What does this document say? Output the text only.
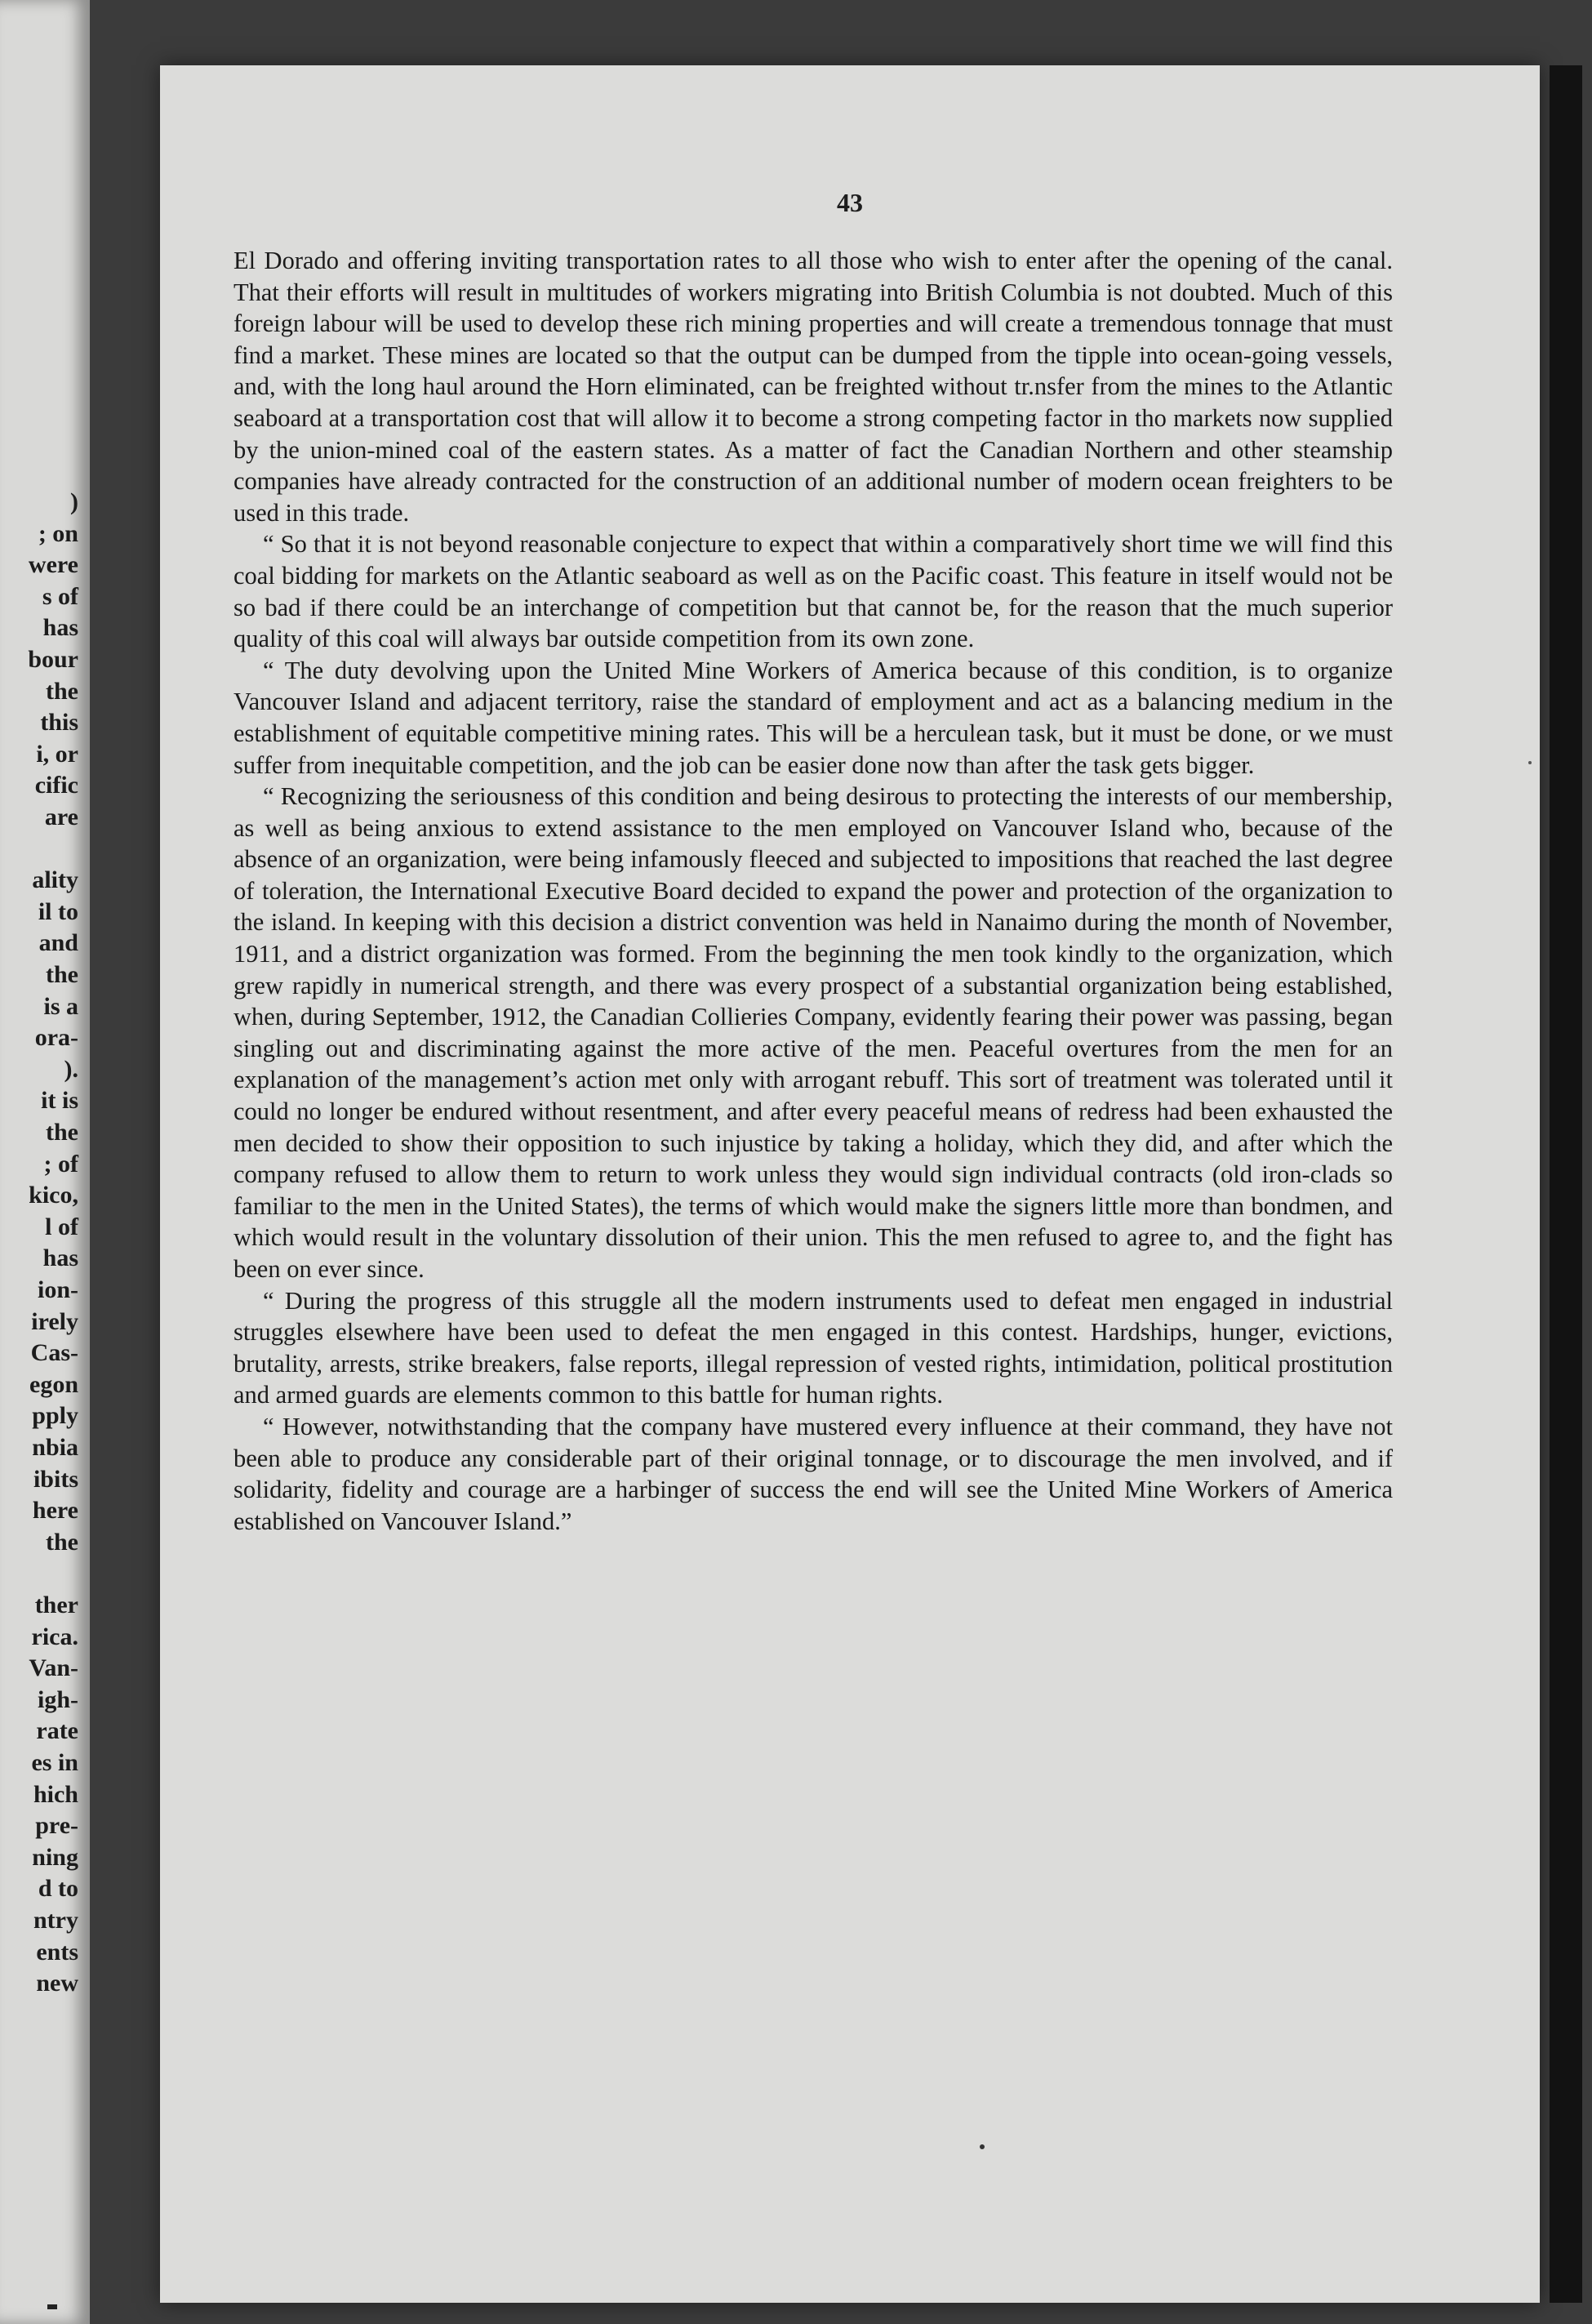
)
; on
were
s of
has
bour
the
this
i, or
cific
are
ality
il to
and
the
is a
ora-
).
it is
the
; of
kico,
l of
has
ion-
irely
Cas-
egon
pply
nbia
ibits
here
the
ther
rica.
Van-
igh-
rate
es in
hich
pre-
ning
d to
ntry
ents
new
43

El Dorado and offering inviting transportation rates to all those who wish to enter after the opening of the canal. That their efforts will result in multitudes of workers migrating into British Columbia is not doubted. Much of this foreign labour will be used to develop these rich mining properties and will create a tremendous tonnage that must find a market. These mines are located so that the output can be dumped from the tipple into ocean-going vessels, and, with the long haul around the Horn eliminated, can be freighted without tr.nsfer from the mines to the Atlantic seaboard at a transportation cost that will allow it to become a strong competing factor in tho markets now supplied by the union-mined coal of the eastern states. As a matter of fact the Canadian Northern and other steamship companies have already contracted for the construction of an additional number of modern ocean freighters to be used in this trade.

“ So that it is not beyond reasonable conjecture to expect that within a comparatively short time we will find this coal bidding for markets on the Atlantic seaboard as well as on the Pacific coast. This feature in itself would not be so bad if there could be an interchange of competition but that cannot be, for the reason that the much superior quality of this coal will always bar outside competition from its own zone.

“ The duty devolving upon the United Mine Workers of America because of this condition, is to organize Vancouver Island and adjacent territory, raise the standard of employment and act as a balancing medium in the establishment of equitable competitive mining rates. This will be a herculean task, but it must be done, or we must suffer from inequitable competition, and the job can be easier done now than after the task gets bigger.

“ Recognizing the seriousness of this condition and being desirous to protecting the interests of our membership, as well as being anxious to extend assistance to the men employed on Vancouver Island who, because of the absence of an organization, were being infamously fleeced and subjected to impositions that reached the last degree of toleration, the International Executive Board decided to expand the power and protection of the organization to the island. In keeping with this decision a district convention was held in Nanaimo during the month of November, 1911, and a district organization was formed. From the beginning the men took kindly to the organization, which grew rapidly in numerical strength, and there was every prospect of a substantial organization being established, when, during September, 1912, the Canadian Collieries Company, evidently fearing their power was passing, began singling out and discriminating against the more active of the men. Peaceful overtures from the men for an explanation of the management’s action met only with arrogant rebuff. This sort of treatment was tolerated until it could no longer be endured without resentment, and after every peaceful means of redress had been exhausted the men decided to show their opposition to such injustice by taking a holiday, which they did, and after which the company refused to allow them to return to work unless they would sign individual contracts (old iron-clads so familiar to the men in the United States), the terms of which would make the signers little more than bondmen, and which would result in the voluntary dissolution of their union. This the men refused to agree to, and the fight has been on ever since.

“ During the progress of this struggle all the modern instruments used to defeat men engaged in industrial struggles elsewhere have been used to defeat the men engaged in this contest. Hardships, hunger, evictions, brutality, arrests, strike breakers, false reports, illegal repression of vested rights, intimidation, political prostitution and armed guards are elements common to this battle for human rights.

“ However, notwithstanding that the company have mustered every influence at their command, they have not been able to produce any considerable part of their original tonnage, or to discourage the men involved, and if solidarity, fidelity and courage are a harbinger of success the end will see the United Mine Workers of America established on Vancouver Island.”
